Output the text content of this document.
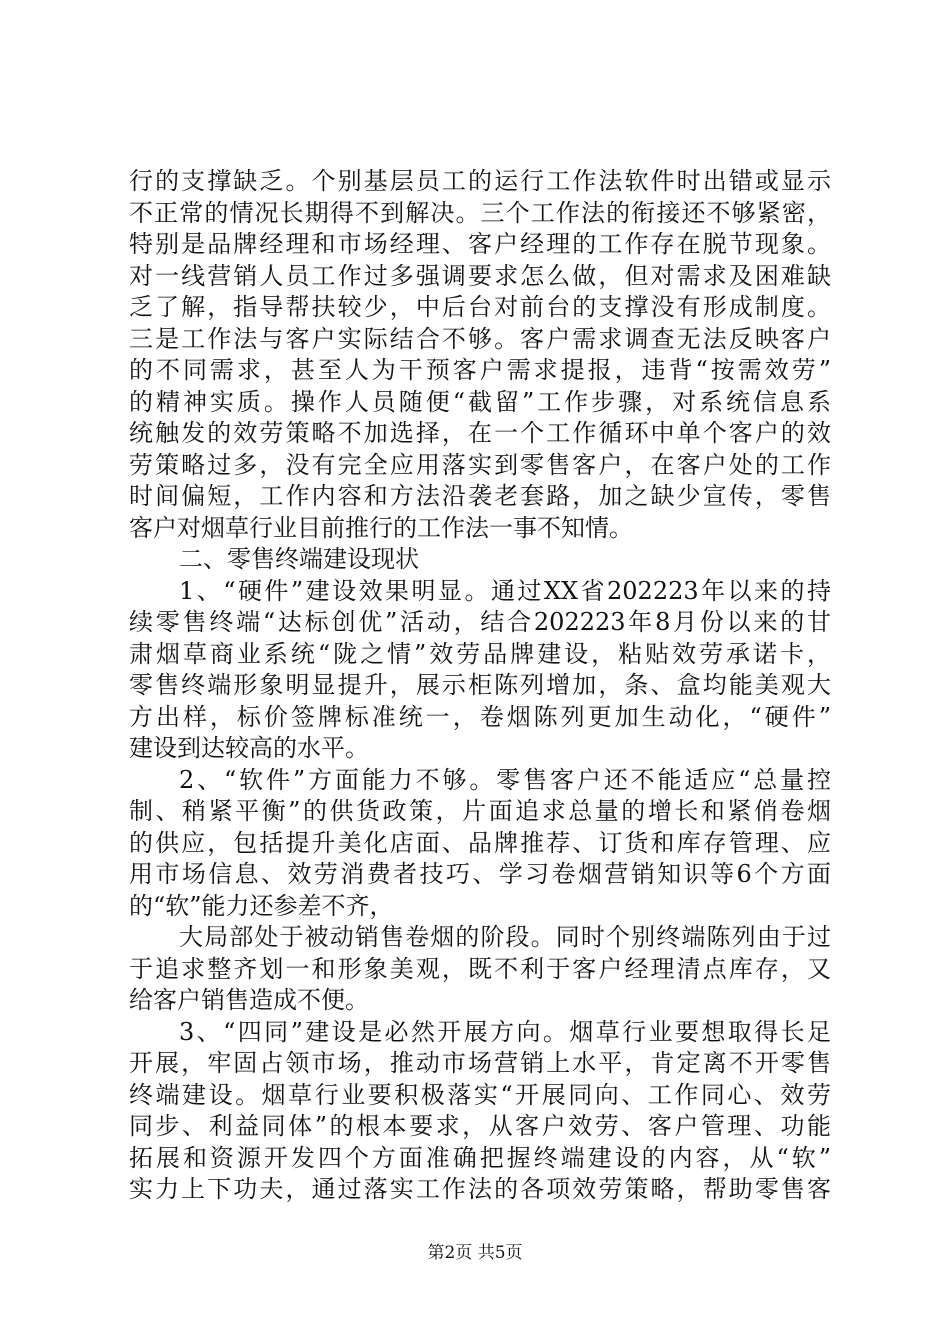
行的支撑缺乏。个别基层员工的运行工作法软件时出错或显示
不正常的情况长期得不到解决。三个工作法的衔接还不够紧密，
特别是品牌经理和市场经理、客户经理的工作存在脱节现象。
对一线营销人员工作过多强调要求怎么做，但对需求及困难缺
乏了解，指导帮扶较少，中后台对前台的支撑没有形成制度。
三是工作法与客户实际结合不够。客户需求调查无法反映客户
的不同需求，甚至人为干预客户需求提报，违背“按需效劳”
的精神实质。操作人员随便“截留”工作步骤，对系统信息系
统触发的效劳策略不加选择，在一个工作循环中单个客户的效
劳策略过多，没有完全应用落实到零售客户，在客户处的工作
时间偏短，工作内容和方法沿袭老套路，加之缺少宣传，零售
客户对烟草行业目前推行的工作法一事不知情。
二、零售终端建设现状
1、“硬件”建设效果明显。通过XX省202223年以来的持
续零售终端“达标创优”活动，结合202223年8月份以来的甘
肃烟草商业系统“陇之情”效劳品牌建设，粘贴效劳承诺卡，
零售终端形象明显提升，展示柜陈列增加，条、盒均能美观大
方出样，标价签牌标准统一，卷烟陈列更加生动化，“硬件”
建设到达较高的水平。
2、“软件”方面能力不够。零售客户还不能适应“总量控
制、稍紧平衡”的供货政策，片面追求总量的增长和紧俏卷烟
的供应，包括提升美化店面、品牌推荐、订货和库存管理、应
用市场信息、效劳消费者技巧、学习卷烟营销知识等6个方面
的“软”能力还参差不齐，
大局部处于被动销售卷烟的阶段。同时个别终端陈列由于过
于追求整齐划一和形象美观，既不利于客户经理清点库存，又
给客户销售造成不便。
3、“四同”建设是必然开展方向。烟草行业要想取得长足
开展，牢固占领市场，推动市场营销上水平，肯定离不开零售
终端建设。烟草行业要积极落实“开展同向、工作同心、效劳
同步、利益同体”的根本要求，从客户效劳、客户管理、功能
拓展和资源开发四个方面准确把握终端建设的内容，从“软”
实力上下功夫，通过落实工作法的各项效劳策略，帮助零售客
第2页 共5页
